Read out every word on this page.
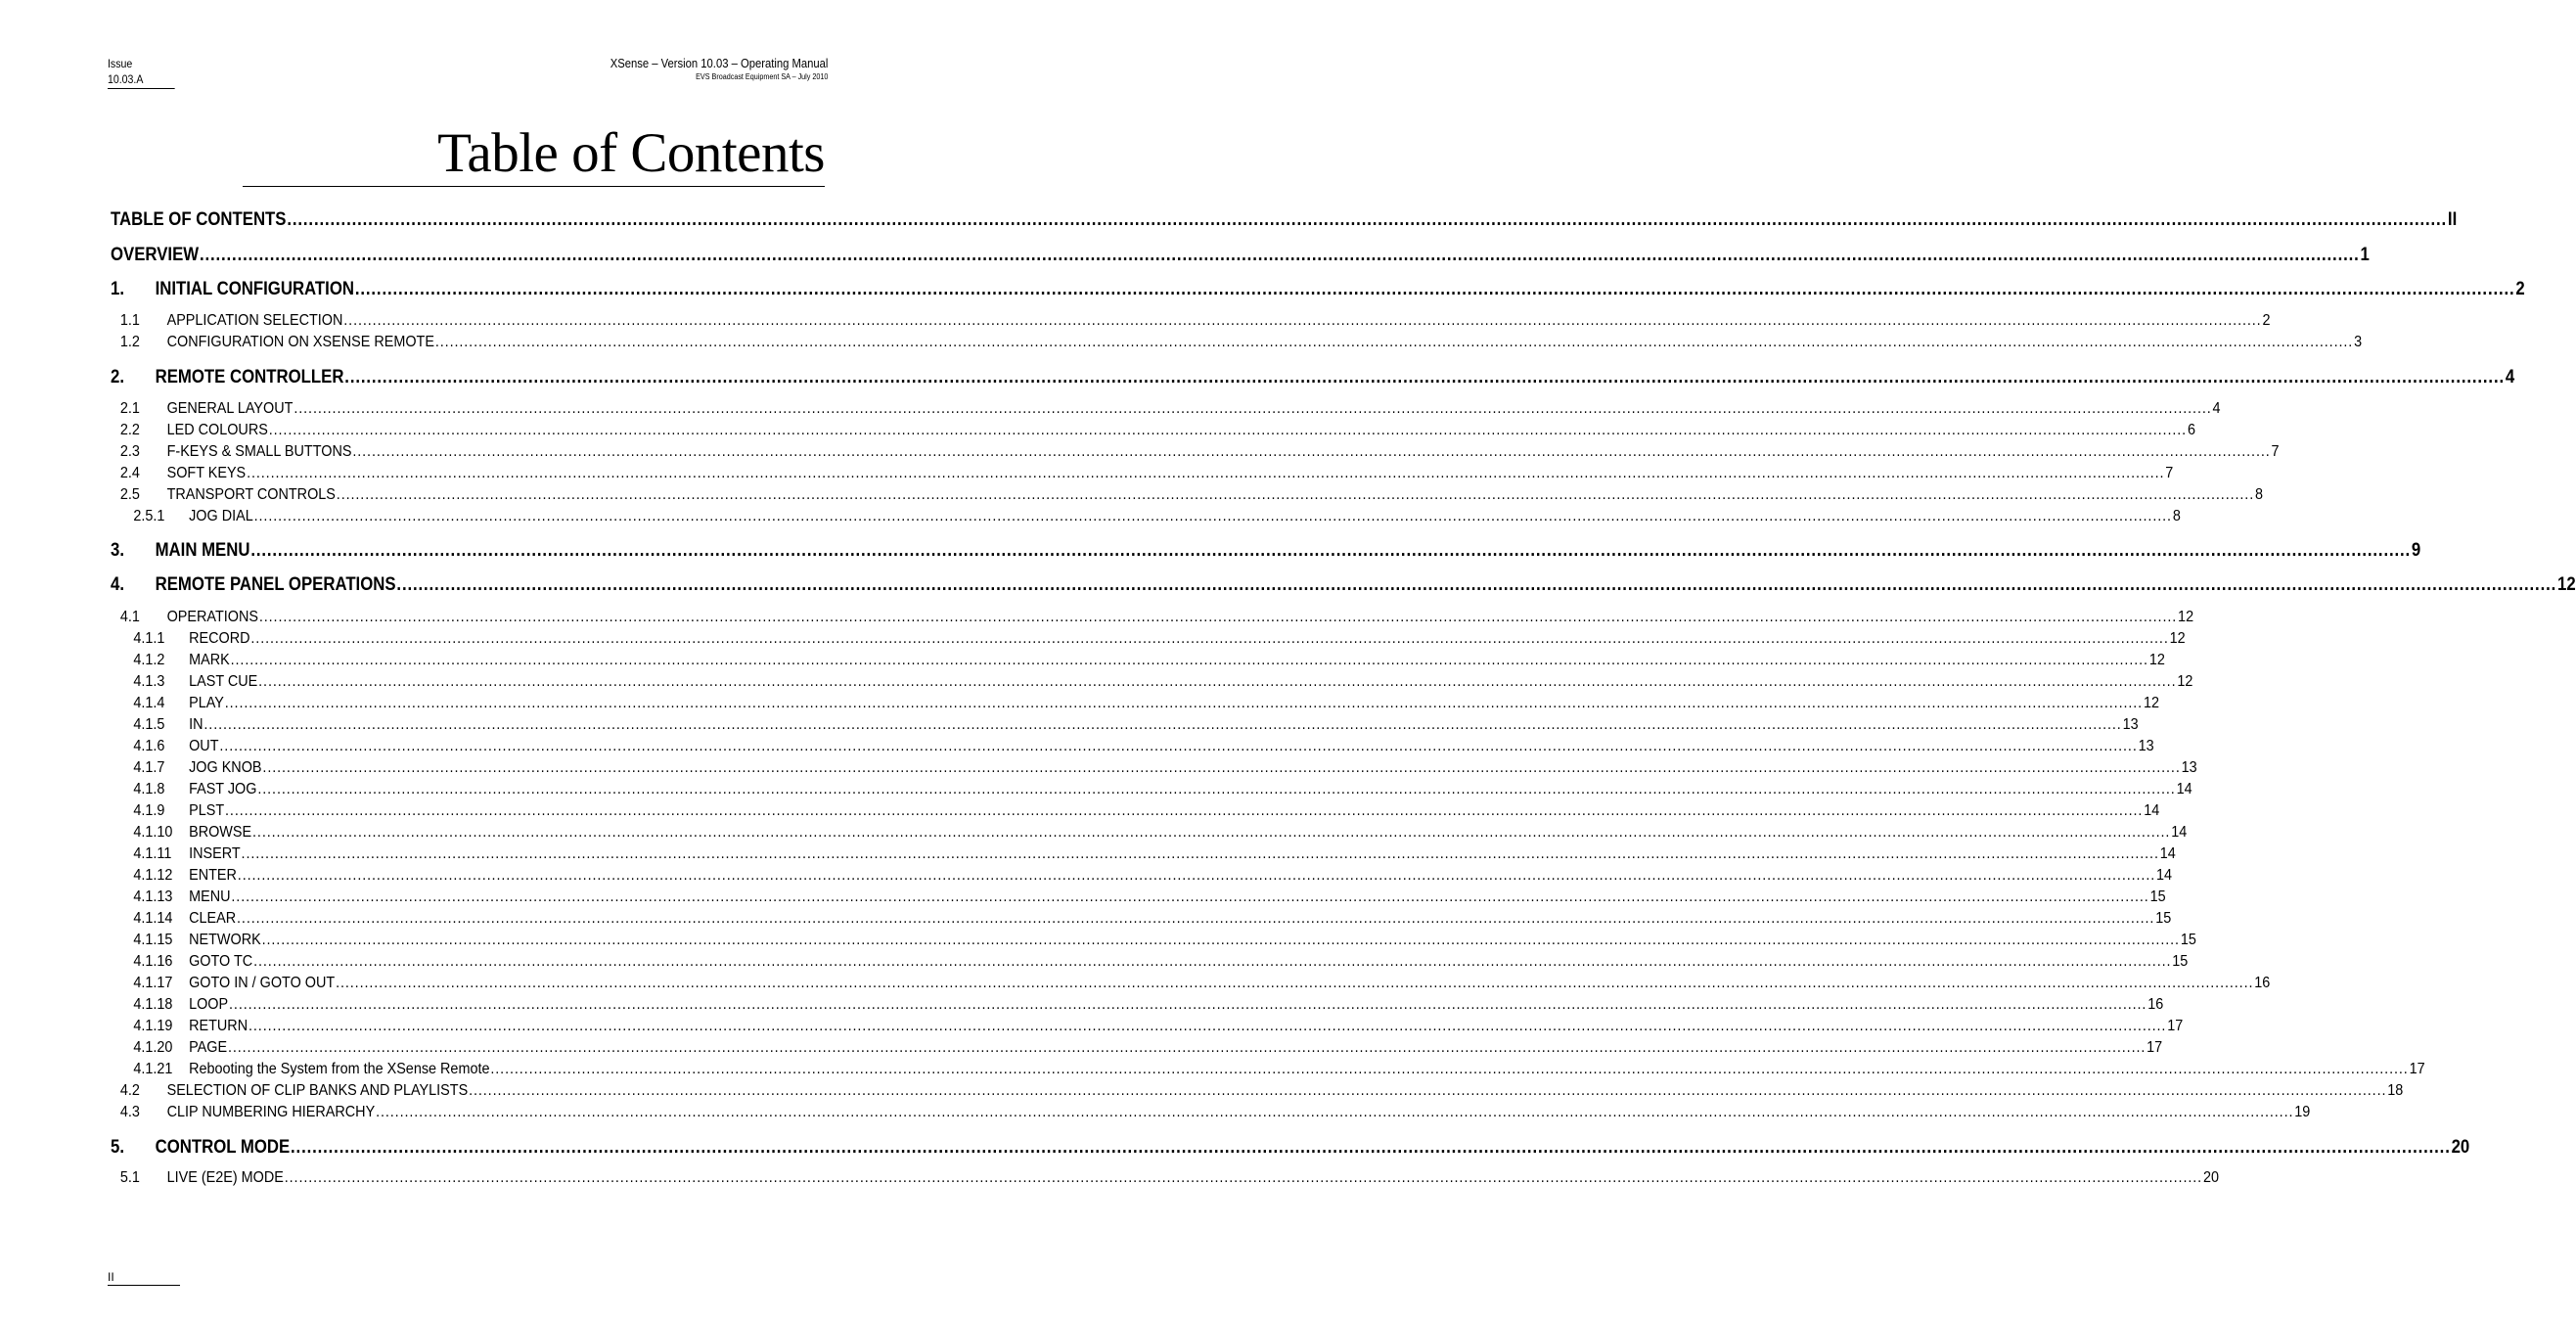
Issue
10.03.A
XSense – Version 10.03 – Operating Manual
EVS Broadcast Equipment SA – July 2010
Table of Contents
TABLE OF CONTENTS ................................................................................................................................................................................................................................................................................................................................................................................................................ II
OVERVIEW ................................................................................................................................................................................................................................................................................................................................................................................................................ 1
1.	INITIAL CONFIGURATION ................................................................................................................................................................................................................................................................................................................................................................................................................ 2
1.1	APPLICATION SELECTION ................................................................................................................................................................................................................................................................................................................................................................................................................ 2
1.2	CONFIGURATION ON XSENSE REMOTE ................................................................................................................................................................................................................................................................................................................................................................................................................ 3
2.	REMOTE CONTROLLER ................................................................................................................................................................................................................................................................................................................................................................................................................ 4
2.1	GENERAL LAYOUT ................................................................................................................................................................................................................................................................................................................................................................................................................ 4
2.2	LED COLOURS ................................................................................................................................................................................................................................................................................................................................................................................................................ 6
2.3	F-KEYS & SMALL BUTTONS ................................................................................................................................................................................................................................................................................................................................................................................................................ 7
2.4	SOFT KEYS ................................................................................................................................................................................................................................................................................................................................................................................................................ 7
2.5	TRANSPORT CONTROLS ................................................................................................................................................................................................................................................................................................................................................................................................................ 8
2.5.1	JOG DIAL ................................................................................................................................................................................................................................................................................................................................................................................................................ 8
3.	MAIN MENU ................................................................................................................................................................................................................................................................................................................................................................................................................ 9
4.	REMOTE PANEL OPERATIONS ................................................................................................................................................................................................................................................................................................................................................................................................................ 12
4.1	OPERATIONS ................................................................................................................................................................................................................................................................................................................................................................................................................ 12
4.1.1	RECORD ................................................................................................................................................................................................................................................................................................................................................................................................................ 12
4.1.2	MARK ................................................................................................................................................................................................................................................................................................................................................................................................................ 12
4.1.3	LAST CUE ................................................................................................................................................................................................................................................................................................................................................................................................................ 12
4.1.4	PLAY ................................................................................................................................................................................................................................................................................................................................................................................................................ 12
4.1.5	IN ................................................................................................................................................................................................................................................................................................................................................................................................................ 13
4.1.6	OUT ................................................................................................................................................................................................................................................................................................................................................................................................................ 13
4.1.7	JOG KNOB ................................................................................................................................................................................................................................................................................................................................................................................................................ 13
4.1.8	FAST JOG ................................................................................................................................................................................................................................................................................................................................................................................................................ 14
4.1.9	PLST ................................................................................................................................................................................................................................................................................................................................................................................................................ 14
4.1.10	BROWSE ................................................................................................................................................................................................................................................................................................................................................................................................................ 14
4.1.11	INSERT ................................................................................................................................................................................................................................................................................................................................................................................................................ 14
4.1.12	ENTER ................................................................................................................................................................................................................................................................................................................................................................................................................ 14
4.1.13	MENU ................................................................................................................................................................................................................................................................................................................................................................................................................ 15
4.1.14	CLEAR ................................................................................................................................................................................................................................................................................................................................................................................................................ 15
4.1.15	NETWORK ................................................................................................................................................................................................................................................................................................................................................................................................................ 15
4.1.16	GOTO TC ................................................................................................................................................................................................................................................................................................................................................................................................................ 15
4.1.17	GOTO IN / GOTO OUT ................................................................................................................................................................................................................................................................................................................................................................................................................ 16
4.1.18	LOOP ................................................................................................................................................................................................................................................................................................................................................................................................................ 16
4.1.19	RETURN ................................................................................................................................................................................................................................................................................................................................................................................................................ 17
4.1.20	PAGE ................................................................................................................................................................................................................................................................................................................................................................................................................ 17
4.1.21	Rebooting the System from the XSense Remote ................................................................................................................................................................................................................................................................................................................................................................................................................ 17
4.2	SELECTION OF CLIP BANKS AND PLAYLISTS ................................................................................................................................................................................................................................................................................................................................................................................................................ 18
4.3	CLIP NUMBERING HIERARCHY ................................................................................................................................................................................................................................................................................................................................................................................................................ 19
5.	CONTROL MODE ................................................................................................................................................................................................................................................................................................................................................................................................................ 20
5.1	LIVE (E2E) MODE ................................................................................................................................................................................................................................................................................................................................................................................................................ 20
II
